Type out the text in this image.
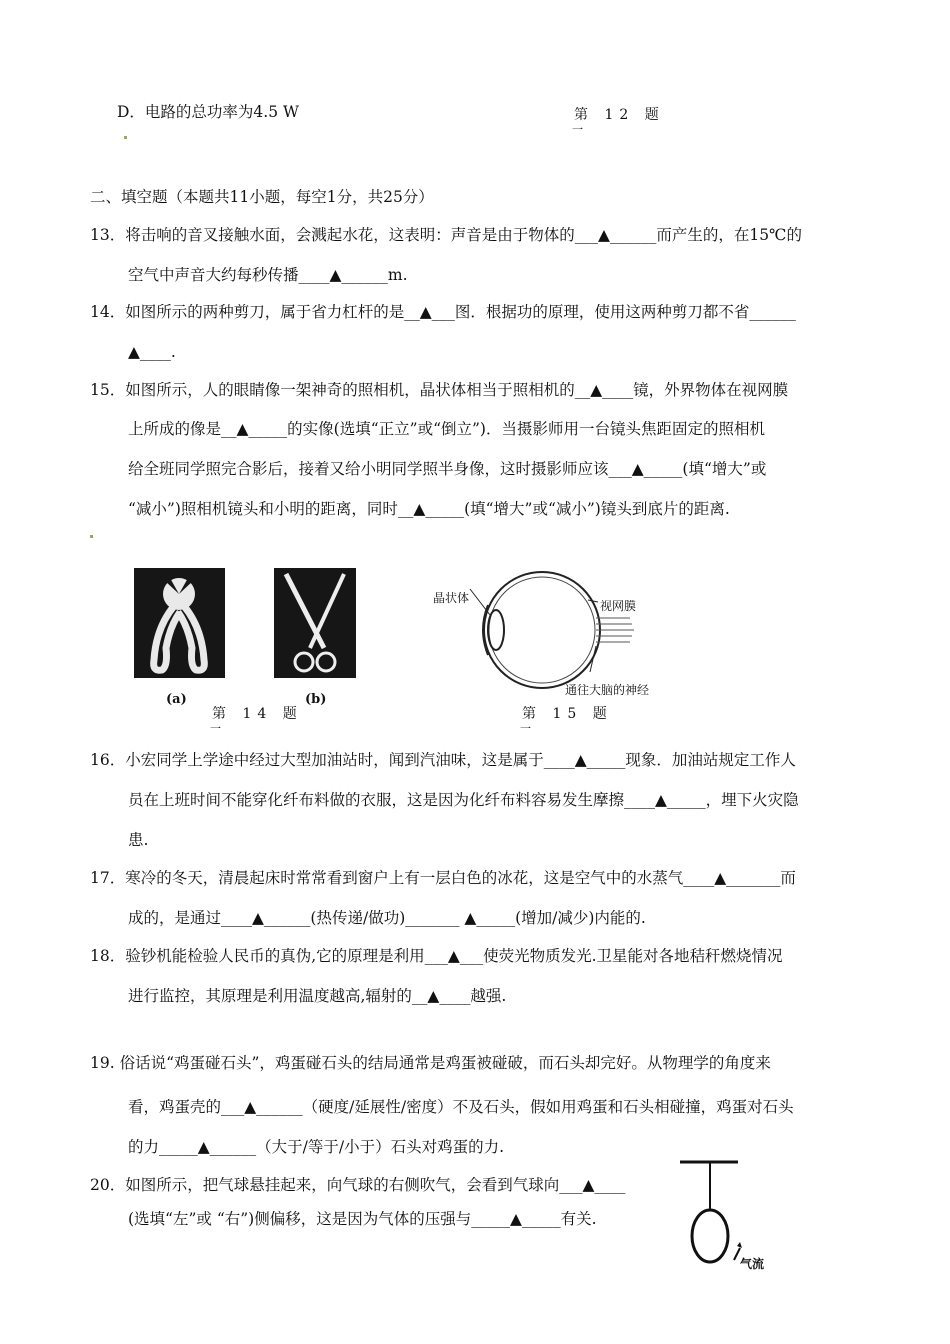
D．电路的总功率为4.5 W	第 12 题
一
二、填空题（本题共11小题，每空1分，共25分）
13．将击响的音叉接触水面，会溅起水花，这表明：声音是由于物体的___▲______而产生的，在15℃的
空气中声音大约每秒传播____▲______m.
14．如图所示的两种剪刀，属于省力杠杆的是__▲___图．根据功的原理，使用这两种剪刀都不省______
▲____.
15．如图所示，人的眼睛像一架神奇的照相机，晶状体相当于照相机的__▲____镜，外界物体在视网膜
上所成的像是__▲_____的实像(选填“正立”或“倒立”)．当摄影师用一台镜头焦距固定的照相机
给全班同学照完合影后，接着又给小明同学照半身像，这时摄影师应该___▲_____(填“增大”或
“减小”)照相机镜头和小明的距离，同时__▲_____(填“增大”或“减小”)镜头到底片的距离.
(a)	(b)
第 14 题
一
晶状体
视网膜
通往大脑的神经
第 15 题
一
16．小宏同学上学途中经过大型加油站时，闻到汽油味，这是属于____▲_____现象．加油站规定工作人
员在上班时间不能穿化纤布料做的衣服，这是因为化纤布料容易发生摩擦____▲_____，埋下火灾隐
患.
17．寒冷的冬天，清晨起床时常常看到窗户上有一层白色的冰花，这是空气中的水蒸气____▲_______而
成的，是通过____▲______(热传递/做功)_______ ▲_____(增加/减少)内能的.
18．验钞机能检验人民币的真伪,它的原理是利用___▲___使荧光物质发光.卫星能对各地秸秆燃烧情况
进行监控，其原理是利用温度越高,辐射的__▲____越强.
19. 俗话说“鸡蛋碰石头”，鸡蛋碰石头的结局通常是鸡蛋被碰破，而石头却完好。从物理学的角度来
看，鸡蛋壳的___▲______（硬度/延展性/密度）不及石头，假如用鸡蛋和石头相碰撞，鸡蛋对石头
的力_____▲______（大于/等于/小于）石头对鸡蛋的力.
20．如图所示，把气球悬挂起来，向气球的右侧吹气，会看到气球向___▲____
(选填“左”或 “右”)侧偏移，这是因为气体的压强与_____▲_____有关.
气流
